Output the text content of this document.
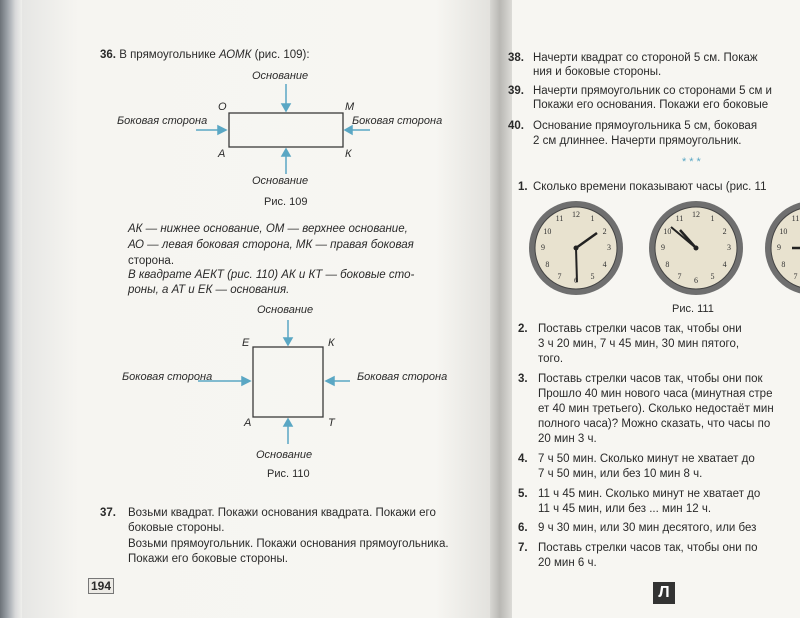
36. В прямоугольнике АОМК (рис. 109):
Основание
Боковая сторона	Боковая сторона
Основание
О	М
А	К
Рис. 109
АК — нижнее основание, ОМ — верхнее основание,
АО — левая боковая сторона, МК — правая боковая
сторона.
В квадрате АЕКТ (рис. 110) АК и КТ — боковые сто-
роны, а АТ и ЕК — основания.
Основание
Боковая сторона	Боковая сторона
Основание
Е	К
А	Т
Рис. 110
37. Возьми квадрат. Покажи основания квадрата. Покажи его
боковые стороны.
Возьми прямоугольник. Покажи основания прямоугольника.
Покажи его боковые стороны.
194
38. Начерти квадрат со стороной 5 см. Покаж
ния и боковые стороны.
39. Начерти прямоугольник со сторонами 5 см и
Покажи его основания. Покажи его боковые
40. Основание прямоугольника 5 см, боковая
2 см длиннее. Начерти прямоугольник.
***
1. Сколько времени показывают часы (рис. 11
12	1
2
3
4
5
6
7
8
9
10
11	12	1
2
3
4
5
6
7
8
9
10
11
7
8
9
10
11
Рис. 111
2. Поставь стрелки часов так, чтобы они
3 ч 20 мин, 7 ч 45 мин, 30 мин пятого,
того.
3. Поставь стрелки часов так, чтобы они пок
Прошло 40 мин нового часа (минутная стре
ет 40 мин третьего). Сколько недостаёт мин
полного часа)? Можно сказать, что часы по
20 мин 3 ч.
4. 7 ч 50 мин. Сколько минут не хватает до
7 ч 50 мин, или без 10 мин 8 ч.
5. 11 ч 45 мин. Сколько минут не хватает до
11 ч 45 мин, или без ... мин 12 ч.
6. 9 ч 30 мин, или 30 мин десятого, или без
7. Поставь стрелки часов так, чтобы они по
20 мин 6 ч.
Л
